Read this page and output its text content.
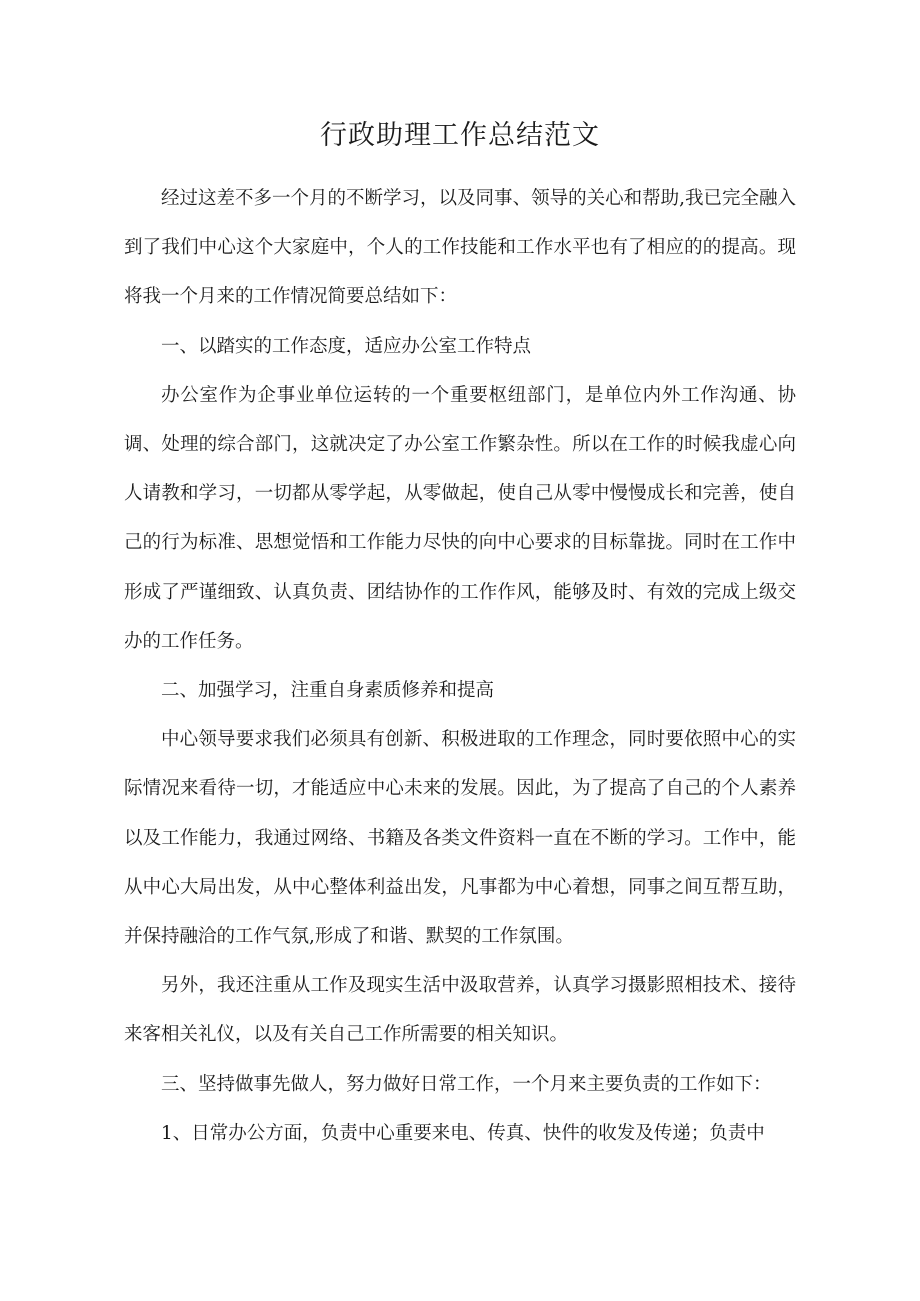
行政助理工作总结范文

经过这差不多一个月的不断学习，以及同事、领导的关心和帮助,我已完全融入到了我们中心这个大家庭中，个人的工作技能和工作水平也有了相应的的提高。现将我一个月来的工作情况简要总结如下：

一、以踏实的工作态度，适应办公室工作特点

办公室作为企事业单位运转的一个重要枢纽部门，是单位内外工作沟通、协调、处理的综合部门，这就决定了办公室工作繁杂性。所以在工作的时候我虚心向人请教和学习，一切都从零学起，从零做起，使自己从零中慢慢成长和完善，使自己的行为标准、思想觉悟和工作能力尽快的向中心要求的目标靠拢。同时在工作中形成了严谨细致、认真负责、团结协作的工作作风，能够及时、有效的完成上级交办的工作任务。

二、加强学习，注重自身素质修养和提高

中心领导要求我们必须具有创新、积极进取的工作理念，同时要依照中心的实际情况来看待一切，才能适应中心未来的发展。因此，为了提高了自己的个人素养以及工作能力，我通过网络、书籍及各类文件资料一直在不断的学习。工作中，能从中心大局出发，从中心整体利益出发，凡事都为中心着想，同事之间互帮互助，并保持融洽的工作气氛,形成了和谐、默契的工作氛围。

另外，我还注重从工作及现实生活中汲取营养，认真学习摄影照相技术、接待来客相关礼仪，以及有关自己工作所需要的相关知识。

三、坚持做事先做人，努力做好日常工作，一个月来主要负责的工作如下：

1、日常办公方面，负责中心重要来电、传真、快件的收发及传递；负责中
